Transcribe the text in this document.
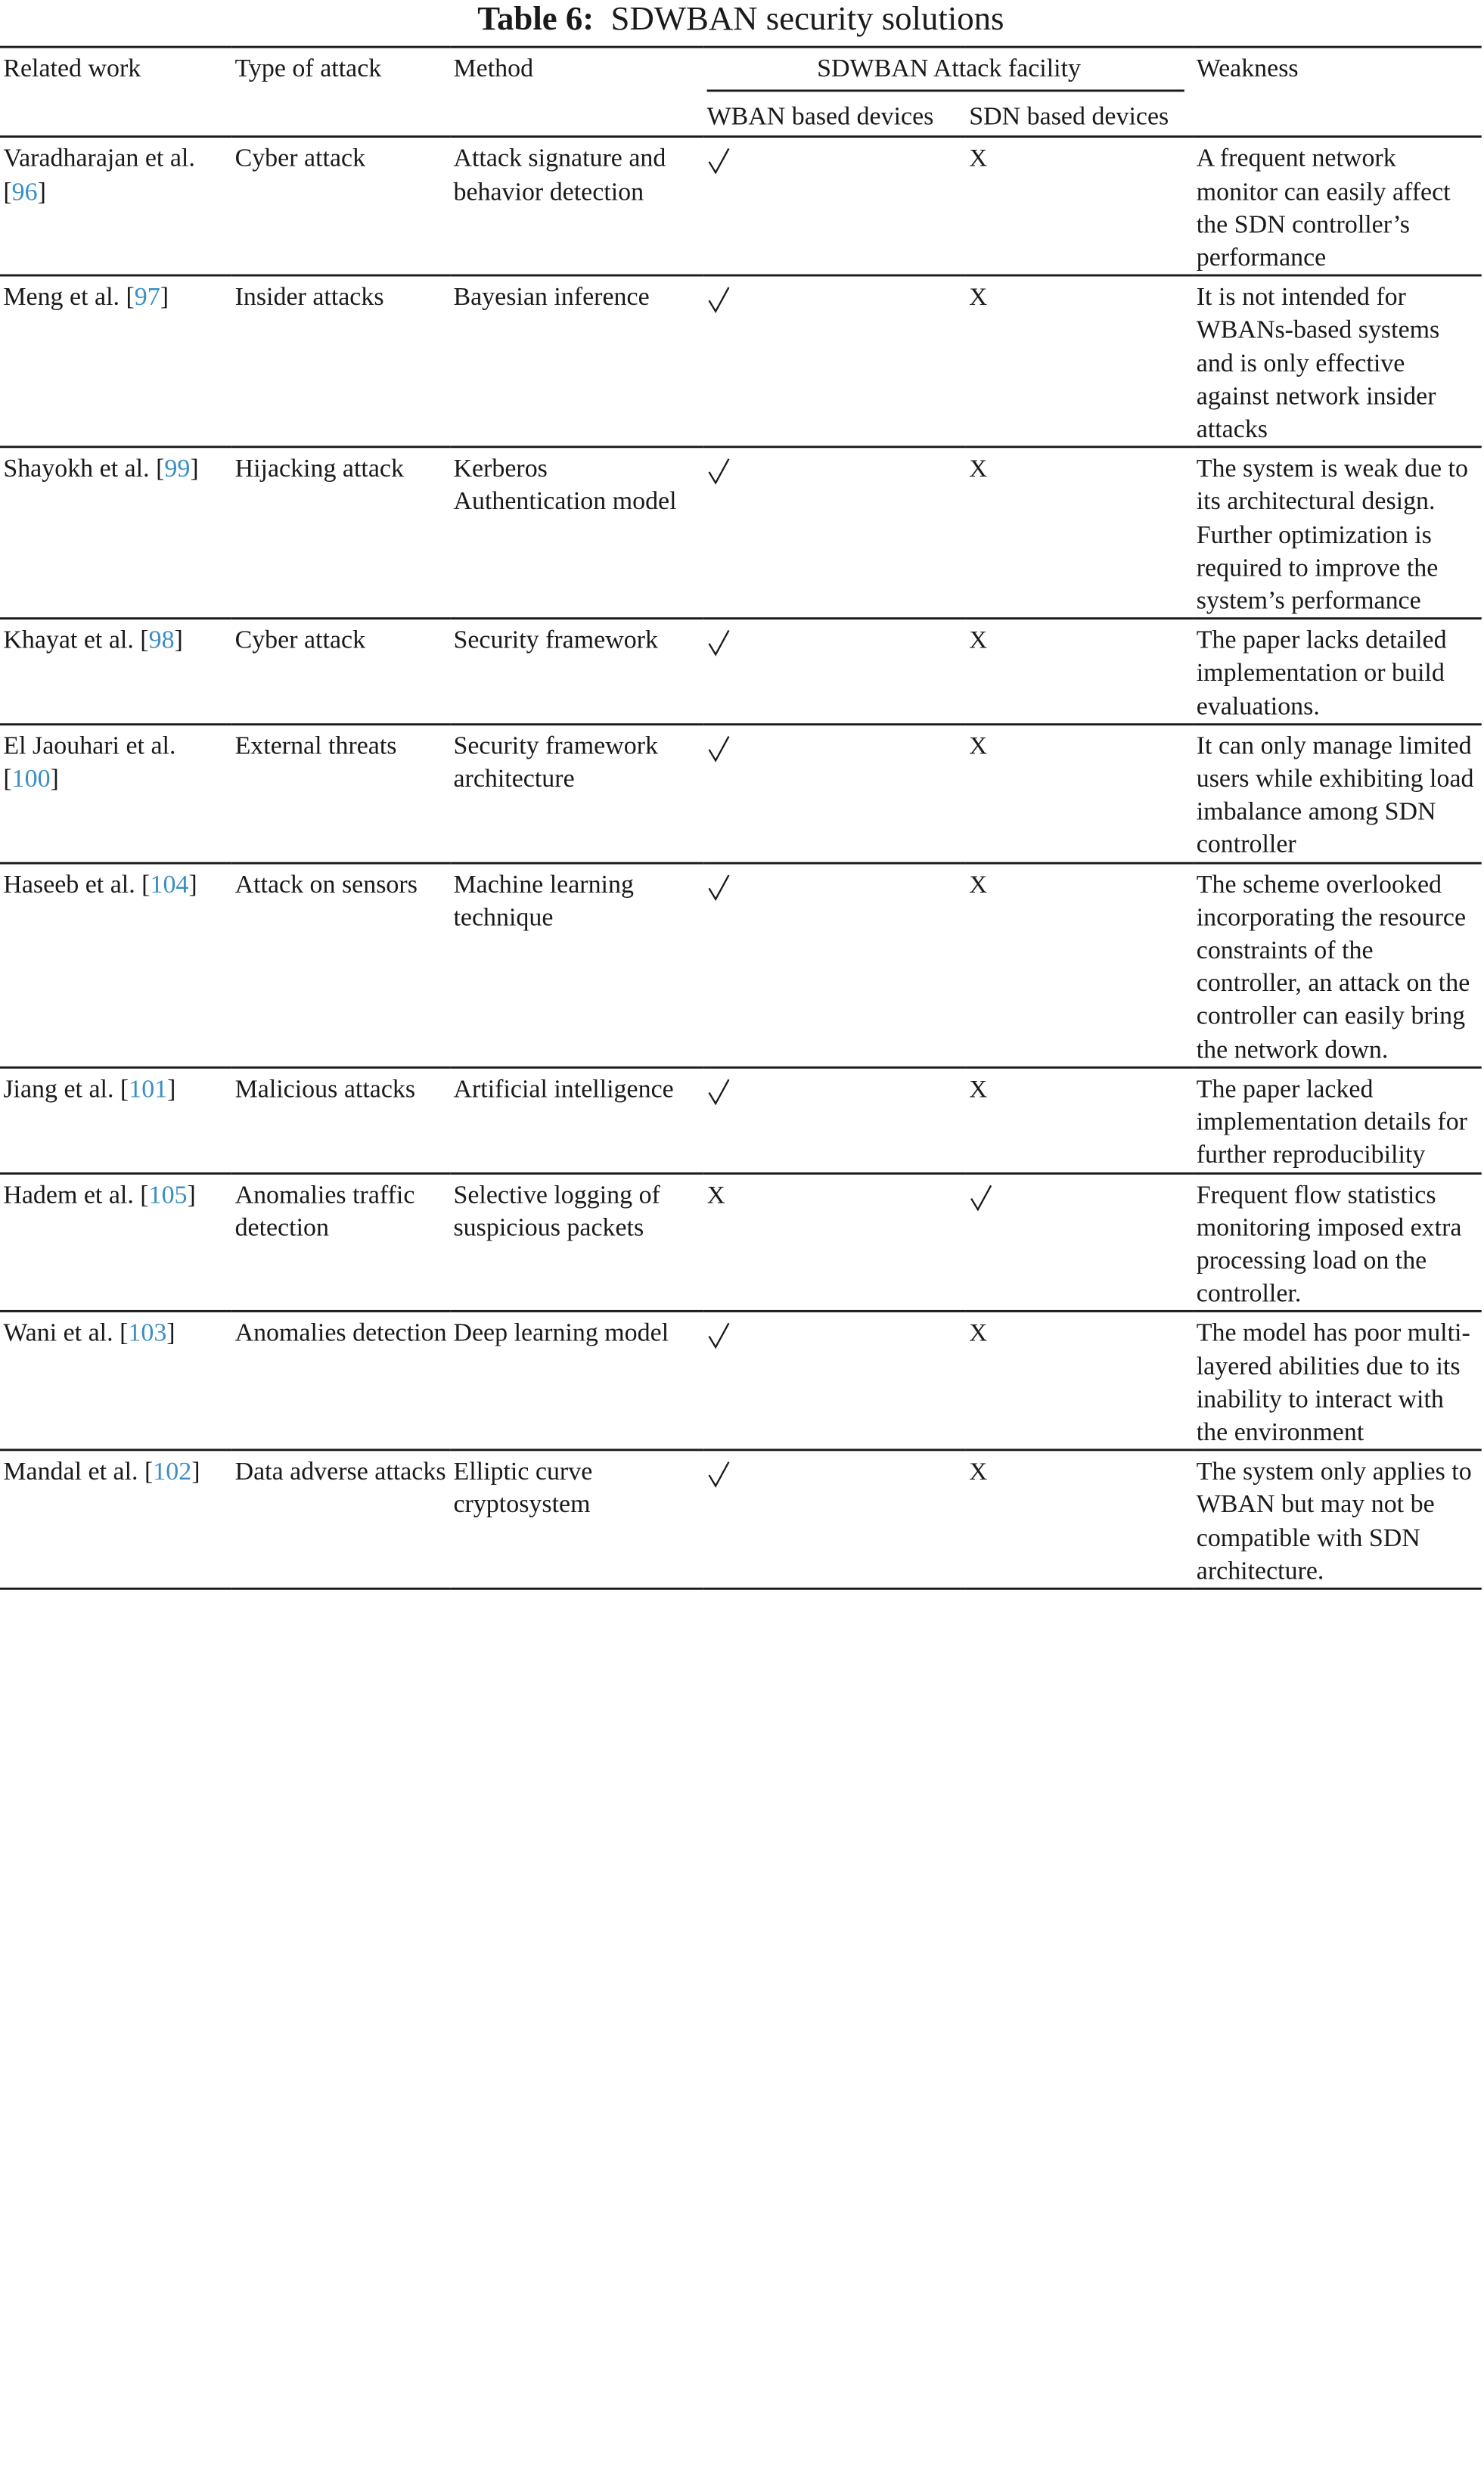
Table 6: SDWBAN security solutions
Related work	Type of attack	Method	SDWBAN Attack facility		Weakness
			WBAN based devices	SDN based devices	
Varadharajan et al. [96]	Cyber attack	Attack signature and behavior detection		X	A frequent network monitor can easily affect the SDN controller’s performance
Meng et al. [97]	Insider attacks	Bayesian inference		X	It is not intended for WBANs-based systems and is only effective against network insider attacks
Shayokh et al. [99]	Hijacking attack	Kerberos Authentication model		X	The system is weak due to its architectural design. Further optimization is required to improve the system’s performance
Khayat et al. [98]	Cyber attack	Security framework		X	The paper lacks detailed implementation or build evaluations.
El Jaouhari et al. [100]	External threats	Security framework architecture		X	It can only manage limited users while exhibiting load imbalance among SDN controller
Haseeb et al. [104]	Attack on sensors	Machine learning technique		X	The scheme overlooked incorporating the resource constraints of the controller, an attack on the controller can easily bring the network down.
Jiang et al. [101]	Malicious attacks	Artificial intelligence		X	The paper lacked implementation details for further reproducibility
Hadem et al. [105]	Anomalies traffic detection	Selective logging of suspicious packets	X		Frequent flow statistics monitoring imposed extra processing load on the controller.
Wani et al. [103]	Anomalies detection	Deep learning model		X	The model has poor multi-layered abilities due to its inability to interact with the environment
Mandal et al. [102]	Data adverse attacks	Elliptic curve cryptosystem		X	The system only applies to WBAN but may not be compatible with SDN architecture.
